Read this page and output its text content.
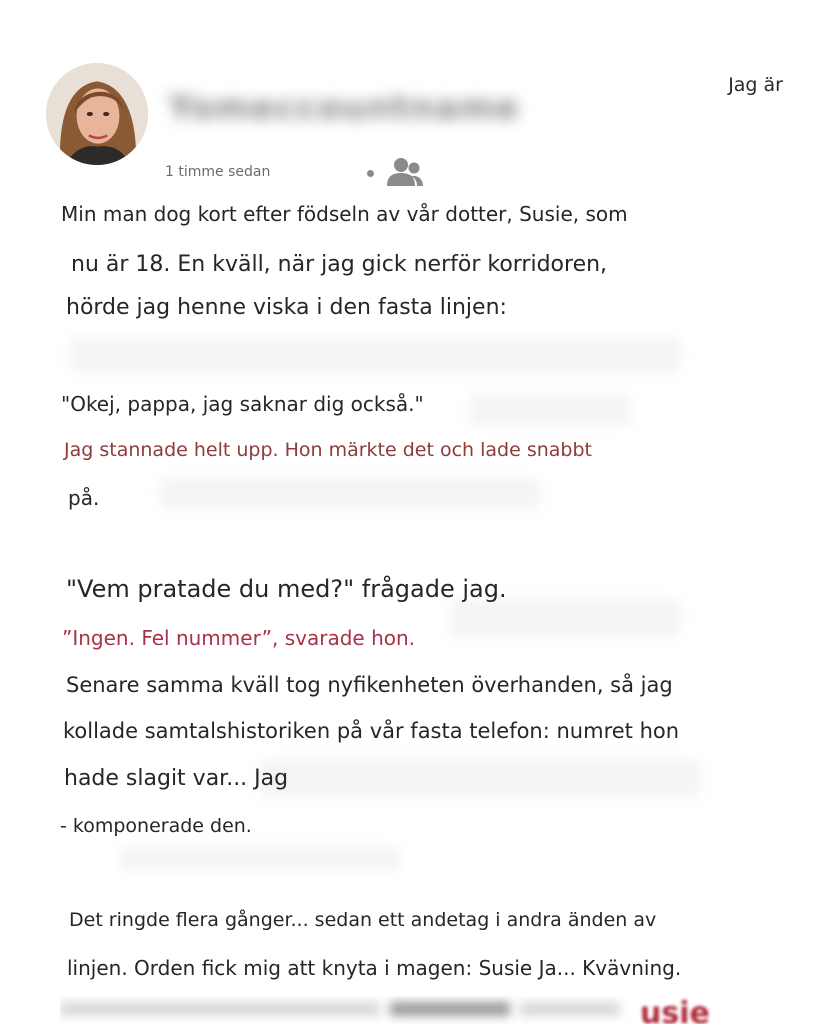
Yomeccountname
Jag är
1 timme sedan
Min man dog kort efter födseln av vår dotter, Susie, som
nu är 18. En kväll, när jag gick nerför korridoren,
hörde jag henne viska i den fasta linjen:
"Okej, pappa, jag saknar dig också."
Jag stannade helt upp. Hon märkte det och lade snabbt
på.
"Vem pratade du med?" frågade jag.
”Ingen. Fel nummer”, svarade hon.
Senare samma kväll tog nyfikenheten överhanden, så jag
kollade samtalshistoriken på vår fasta telefon: numret hon
hade slagit var... Jag
- komponerade den.
Det ringde flera gånger... sedan ett andetag i andra änden av
linjen. Orden fick mig att knyta i magen: Susie Ja... Kvävning.
usie
